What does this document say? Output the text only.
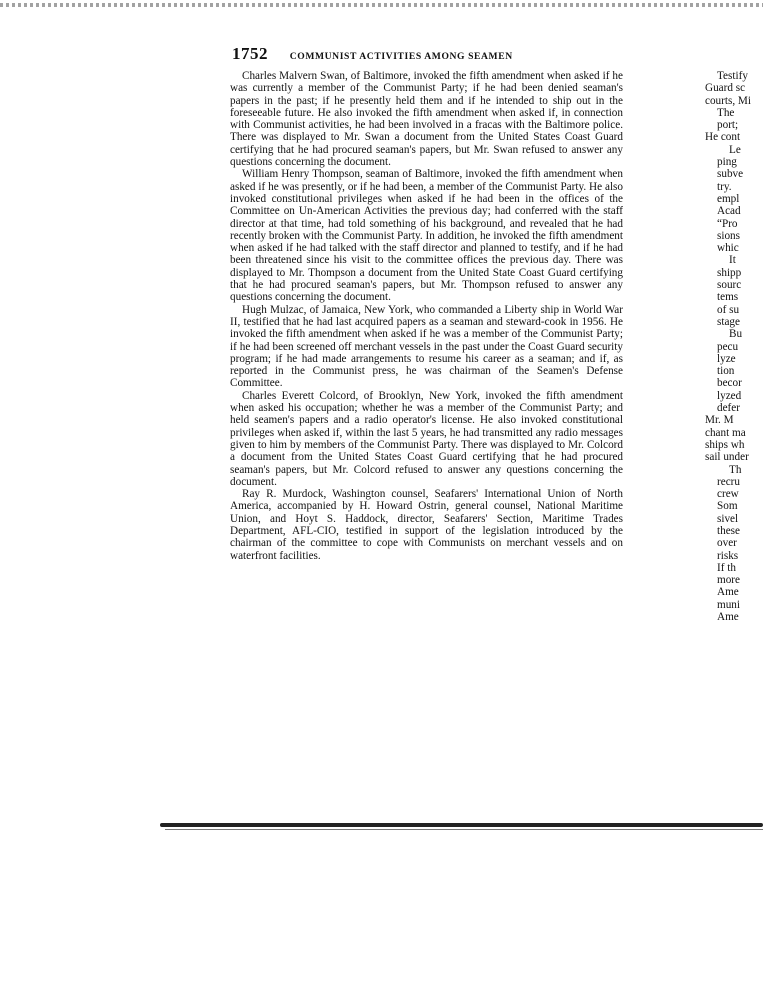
1752 COMMUNIST ACTIVITIES AMONG SEAMEN

Charles Malvern Swan, of Baltimore, invoked the fifth amendment when asked if he was currently a member of the Communist Party; if he had been denied seaman's papers in the past; if he presently held them and if he intended to ship out in the foreseeable future. He also invoked the fifth amendment when asked if, in connection with Communist activities, he had been involved in a fracas with the Baltimore police. There was displayed to Mr. Swan a document from the United States Coast Guard certifying that he had procured seaman's papers, but Mr. Swan refused to answer any questions concerning the document.

William Henry Thompson, seaman of Baltimore, invoked the fifth amendment when asked if he was presently, or if he had been, a member of the Communist Party. He also invoked constitutional privileges when asked if he had been in the offices of the Committee on Un-American Activities the previous day; had conferred with the staff director at that time, had told something of his background, and revealed that he had recently broken with the Communist Party. In addition, he invoked the fifth amendment when asked if he had talked with the staff director and planned to testify, and if he had been threatened since his visit to the committee offices the previous day. There was displayed to Mr. Thompson a document from the United State Coast Guard certifying that he had procured seaman's papers, but Mr. Thompson refused to answer any questions concerning the document.

Hugh Mulzac, of Jamaica, New York, who commanded a Liberty ship in World War II, testified that he had last acquired papers as a seaman and steward-cook in 1956. He invoked the fifth amendment when asked if he was a member of the Communist Party; if he had been screened off merchant vessels in the past under the Coast Guard security program; if he had made arrangements to resume his career as a seaman; and if, as reported in the Communist press, he was chairman of the Seamen's Defense Committee.

Charles Everett Colcord, of Brooklyn, New York, invoked the fifth amendment when asked his occupation; whether he was a member of the Communist Party; and held seamen's papers and a radio operator's license. He also invoked constitutional privileges when asked if, within the last 5 years, he had transmitted any radio messages given to him by members of the Communist Party. There was displayed to Mr. Colcord a document from the United States Coast Guard certifying that he had procured seaman's papers, but Mr. Colcord refused to answer any questions concerning the document.

Ray R. Murdock, Washington counsel, Seafarers' International Union of North America, accompanied by H. Howard Ostrin, general counsel, National Maritime Union, and Hoyt S. Haddock, director, Seafarers' Section, Maritime Trades Department, AFL-CIO, testified in support of the legislation introduced by the chairman of the committee to cope with Communists on merchant vessels and on waterfront facilities.

Testify
Guard sc
courts, Mi
The
port;
He cont
Le
ping
subve
try.
empl
Acad
“Pro
sions
whic
It
shipp
sourc
tems
of su
stage
Bu
pecu
lyze
tion
becor
lyzed
defer
Mr. M
chant ma
ships wh
sail under
Th
recru
crew
Som
sivel
these
over
risks
If th
more
Ame
muni
Ame
